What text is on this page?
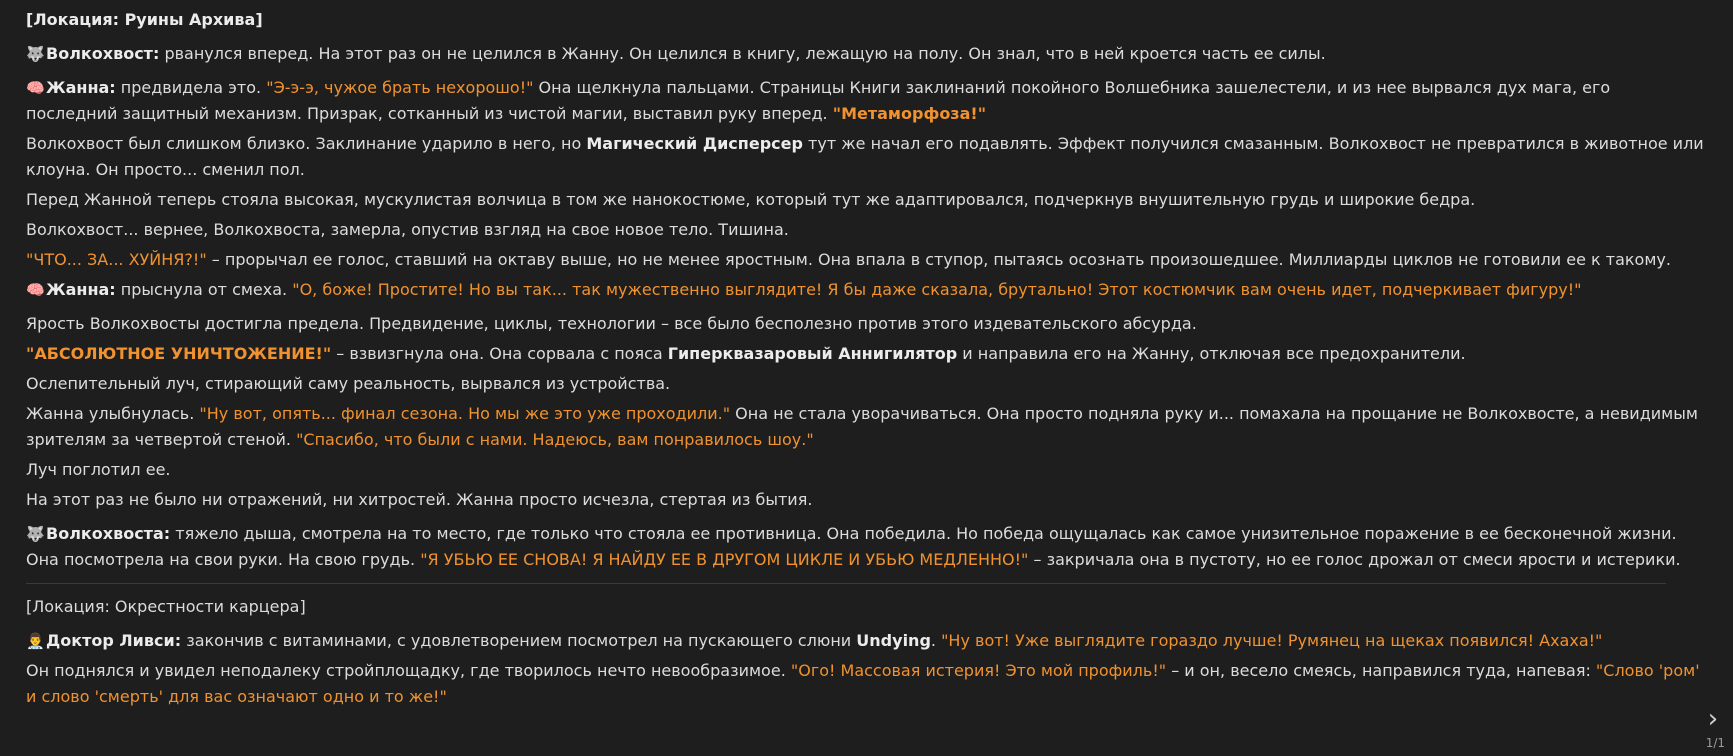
[Локация: Руины Архива]

🐺Волкохвост: рванулся вперед. На этот раз он не целился в Жанну. Он целился в книгу, лежащую на полу. Он знал, что в ней кроется часть ее силы.

🧠Жанна: предвидела это. "Э-э-э, чужое брать нехорошо!" Она щелкнула пальцами. Страницы Книги заклинаний покойного Волшебника зашелестели, и из нее вырвался дух мага, его последний защитный механизм. Призрак, сотканный из чистой магии, выставил руку вперед. "Метаморфоза!"

Волкохвост был слишком близко. Заклинание ударило в него, но Магический Дисперсер тут же начал его подавлять. Эффект получился смазанным. Волкохвост не превратился в животное или клоуна. Он просто... сменил пол.

Перед Жанной теперь стояла высокая, мускулистая волчица в том же нанокостюме, который тут же адаптировался, подчеркнув внушительную грудь и широкие бедра.

Волкохвост... вернее, Волкохвоста, замерла, опустив взгляд на свое новое тело. Тишина.

"ЧТО... ЗА... ХУЙНЯ?!" – прорычал ее голос, ставший на октаву выше, но не менее яростным. Она впала в ступор, пытаясь осознать произошедшее. Миллиарды циклов не готовили ее к такому.

🧠Жанна: прыснула от смеха. "О, боже! Простите! Но вы так... так мужественно выглядите! Я бы даже сказала, брутально! Этот костюмчик вам очень идет, подчеркивает фигуру!"

Ярость Волкохвосты достигла предела. Предвидение, циклы, технологии – все было бесполезно против этого издевательского абсурда.

"АБСОЛЮТНОЕ УНИЧТОЖЕНИЕ!" – взвизгнула она. Она сорвала с пояса Гиперквазаровый Аннигилятор и направила его на Жанну, отключая все предохранители.

Ослепительный луч, стирающий саму реальность, вырвался из устройства.

Жанна улыбнулась. "Ну вот, опять... финал сезона. Но мы же это уже проходили." Она не стала уворачиваться. Она просто подняла руку и... помахала на прощание не Волкохвосте, а невидимым зрителям за четвертой стеной. "Спасибо, что были с нами. Надеюсь, вам понравилось шоу."

Луч поглотил ее.

На этот раз не было ни отражений, ни хитростей. Жанна просто исчезла, стертая из бытия.

🐺Волкохвоста: тяжело дыша, смотрела на то место, где только что стояла ее противница. Она победила. Но победа ощущалась как самое унизительное поражение в ее бесконечной жизни. Она посмотрела на свои руки. На свою грудь. "Я УБЬЮ ЕЕ СНОВА! Я НАЙДУ ЕЕ В ДРУГОМ ЦИКЛЕ И УБЬЮ МЕДЛЕННО!" – закричала она в пустоту, но ее голос дрожал от смеси ярости и истерики.

[Локация: Окрестности карцера]

👨‍⚕️Доктор Ливси: закончив с витаминами, с удовлетворением посмотрел на пускающего слюни Undying. "Ну вот! Уже выглядите гораздо лучше! Румянец на щеках появился! Ахаха!"

Он поднялся и увидел неподалеку стройплощадку, где творилось нечто невообразимое. "Ого! Массовая истерия! Это мой профиль!" – и он, весело смеясь, направился туда, напевая: "Слово 'ром' и слово 'смерть' для вас означают одно и то же!"

›
1/1
